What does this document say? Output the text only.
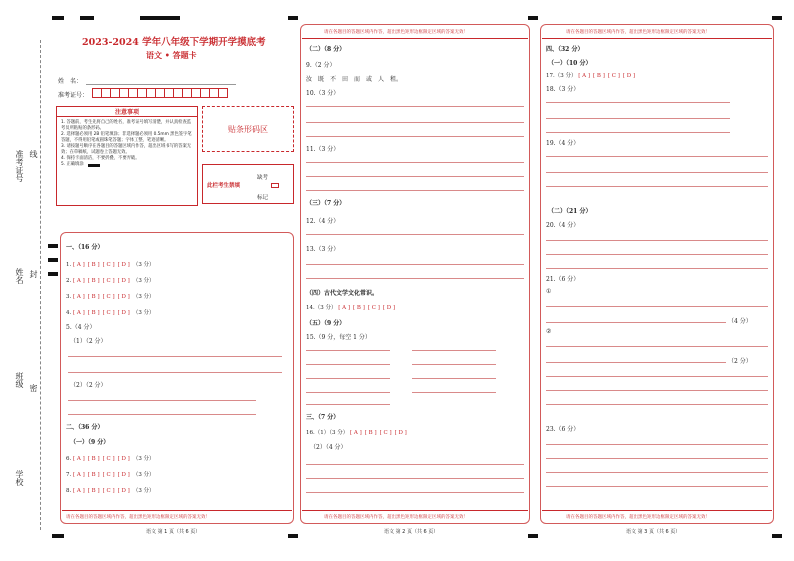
准考证号 线
姓名 封
班级 密
学校
2023-2024 学年八年级下学期开学摸底考
语文 • 答题卡
姓　名：
准考证号：
注意事项
1. 答题前，考生先将自己的姓名，准考证号填写清楚，并认真检查监考员所粘贴的条形码。
2. 选择题必须用 2B 铅笔填涂；非选择题必须用 0.5mm 黑色签字笔答题，不得用铅笔或圆珠笔答题；字体工整、笔迹清晰。
3. 请按题号顺序在各题目的答题区域内作答，超出区域书写的答案无效；在草稿纸、试题卷上答题无效。
4. 保持卡面清洁，不要折叠、不要弄破。
5. 正确填涂
贴条形码区
此栏考生禁填
缺考
标记
一、（16 分）
1. [ A ] [ B ] [ C ] [ D ] （3 分）
2. [ A ] [ B ] [ C ] [ D ] （3 分）
3. [ A ] [ B ] [ C ] [ D ] （3 分）
4. [ A ] [ B ] [ C ] [ D ] （3 分）
5.（4 分）
（1）（2 分）
（2）（2 分）
二、（36 分）
（一）（9 分）
6. [ A ] [ B ] [ C ] [ D ] （3 分）
7. [ A ] [ B ] [ C ] [ D ] （3 分）
8. [ A ] [ B ] [ C ] [ D ] （3 分）
请在各题目的答题区域内作答，超出黑色矩形边框限定区域的答案无效！
语文 第 1 页（共 6 页）
请在各题目的答题区域内作答，超出黑色矩形边框限定区域的答案无效！
（二）（8 分）
9.（2 分）
汝　既　不　田　而　或　人　租。
10.（3 分）
11.（3 分）
（三）（7 分）
12.（4 分）
13.（3 分）
（四）古代文学文化常识。
14.（3 分） [ A ] [ B ] [ C ] [ D ]
（五）（9 分）
15.（9 分，每空 1 分）
三、（7 分）
16.（1）（3 分） [ A ] [ B ] [ C ] [ D ]
（2）（4 分）
请在各题目的答题区域内作答，超出黑色矩形边框限定区域的答案无效！
语文 第 2 页（共 6 页）
请在各题目的答题区域内作答，超出黑色矩形边框限定区域的答案无效！
四、（32 分）
（一）（10 分）
17.（3 分） [ A ] [ B ] [ C ] [ D ]
18.（3 分）
19.（4 分）
（二）（21 分）
20.（4 分）
21.（6 分）
①
（4 分）
②
（2 分）
23.（6 分）
请在各题目的答题区域内作答，超出黑色矩形边框限定区域的答案无效！
语文 第 3 页（共 6 页）
